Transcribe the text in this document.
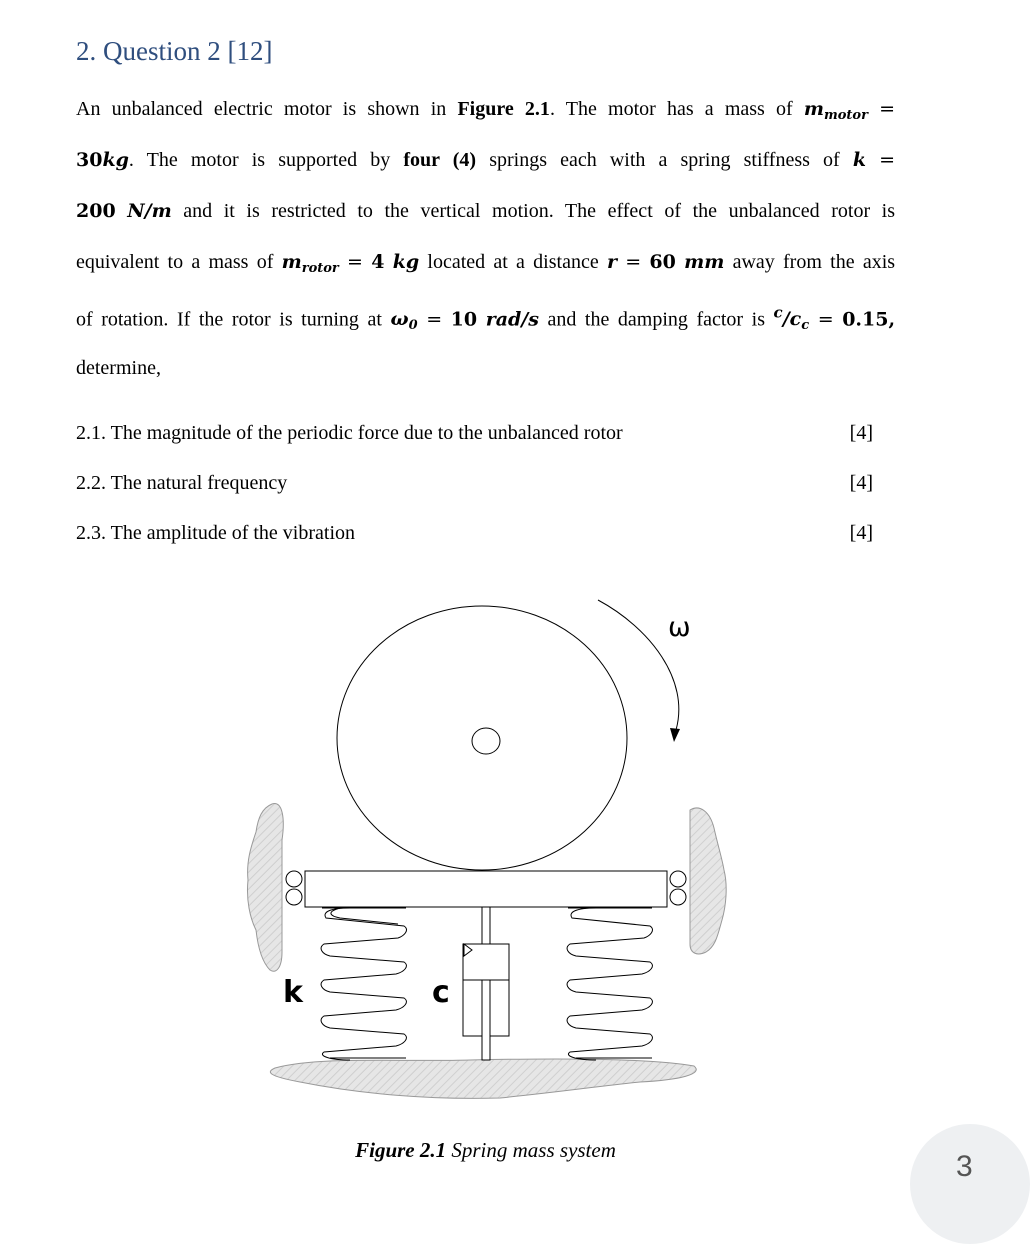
2. Question 2 [12]
An unbalanced electric motor is shown in Figure 2.1. The motor has a mass of $m_{motor}$ =
30kg. The motor is supported by four (4) springs each with a spring stiffness of k =
200 N/m and it is restricted to the vertical motion. The effect of the unbalanced rotor is
equivalent to a mass of $m_{rotor} = 4$ kg located at a distance r = 60 mm away from the axis
of rotation. If the rotor is turning at $\omega_0 = 10$ rad/s and the damping factor is $^c/c_c = 0.15$,
determine,
2.1. The magnitude of the periodic force due to the unbalanced rotor	[4]
2.2. The natural frequency	[4]
2.3. The amplitude of the vibration	[4]
ω
k	c
Figure 2.1 Spring mass system	3
